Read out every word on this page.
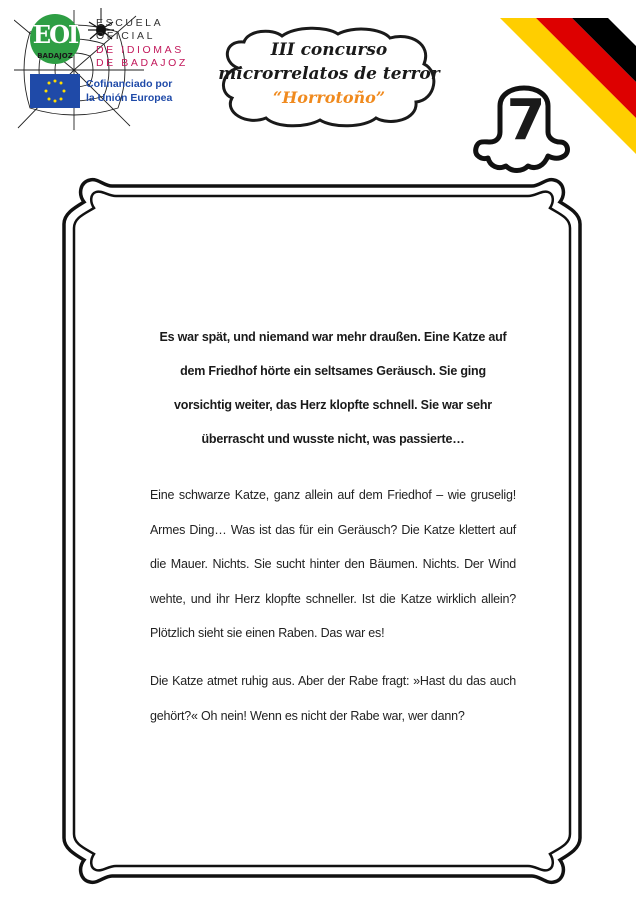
EOI
BADAJOZ
ESCUELA
OFICIAL
DE IDIOMAS
DE BADAJOZ
Cofinanciado por
la Unión Europea
III concurso
microrrelatos de terror
“Horrotoño”	7

Es war spät, und niemand war mehr draußen. Eine Katze auf dem Friedhof hörte ein seltsames Geräusch. Sie ging vorsichtig weiter, das Herz klopfte schnell. Sie war sehr überrascht und wusste nicht, was passierte…

Eine schwarze Katze, ganz allein auf dem Friedhof – wie gruselig! Armes Ding… Was ist das für ein Geräusch? Die Katze klettert auf die Mauer. Nichts. Sie sucht hinter den Bäumen. Nichts. Der Wind wehte, und ihr Herz klopfte schneller. Ist die Katze wirklich allein? Plötzlich sieht sie einen Raben. Das war es!

Die Katze atmet ruhig aus. Aber der Rabe fragt: »Hast du das auch gehört?« Oh nein! Wenn es nicht der Rabe war, wer dann?
